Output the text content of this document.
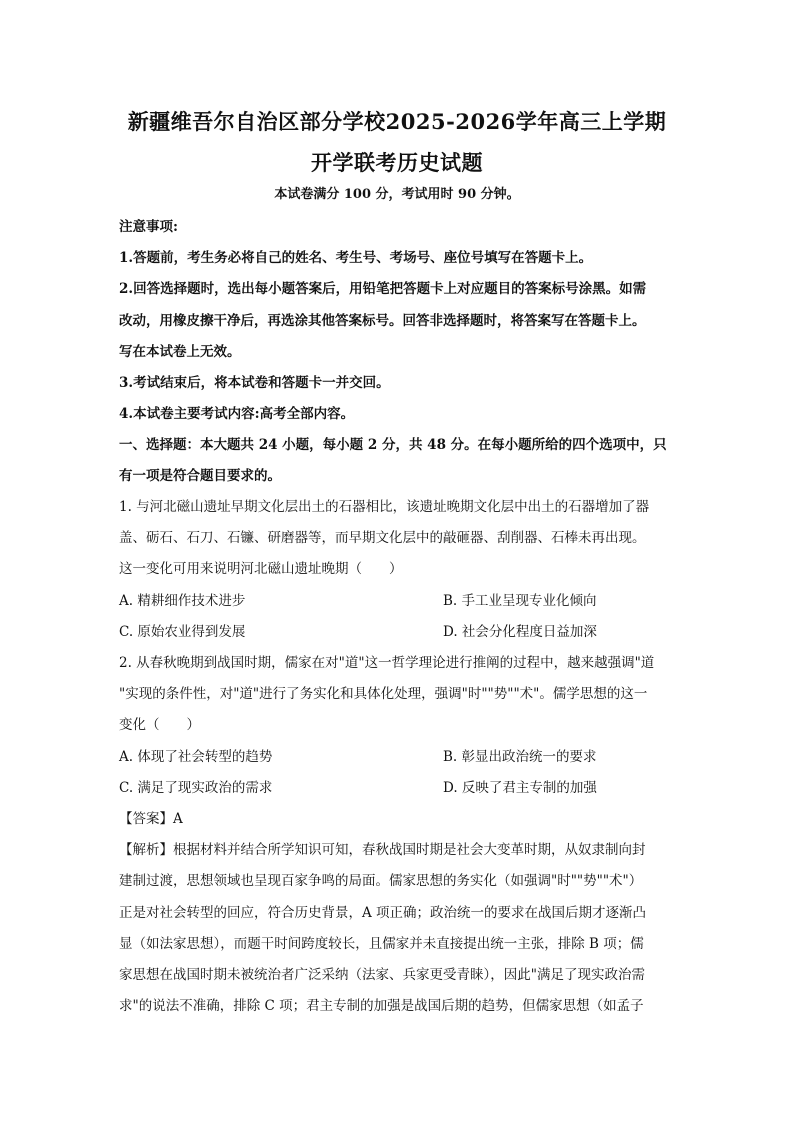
新疆维吾尔自治区部分学校2025-2026学年高三上学期
开学联考历史试题
本试卷满分 100 分，考试用时 90 分钟。
注意事项:
1.答题前，考生务必将自己的姓名、考生号、考场号、座位号填写在答题卡上。
2.回答选择题时，选出每小题答案后，用铅笔把答题卡上对应题目的答案标号涂黑。如需
改动，用橡皮擦干净后，再选涂其他答案标号。回答非选择题时，将答案写在答题卡上。
写在本试卷上无效。
3.考试结束后，将本试卷和答题卡一并交回。
4.本试卷主要考试内容:高考全部内容。
一、选择题：本大题共 24 小题，每小题 2 分，共 48 分。在每小题所给的四个选项中，只
有一项是符合题目要求的。
1. 与河北磁山遗址早期文化层出土的石器相比，该遗址晚期文化层中出土的石器增加了器
盖、砺石、石刀、石镰、研磨器等，而早期文化层中的敲砸器、刮削器、石棒未再出现。
这一变化可用来说明河北磁山遗址晚期（　　）
A. 精耕细作技术进步	B. 手工业呈现专业化倾向
C. 原始农业得到发展	D. 社会分化程度日益加深
2. 从春秋晚期到战国时期，儒家在对"道"这一哲学理论进行推阐的过程中，越来越强调"道
"实现的条件性，对"道"进行了务实化和具体化处理，强调"时""势""术"。儒学思想的这一
变化（　　）
A. 体现了社会转型的趋势	B. 彰显出政治统一的要求
C. 满足了现实政治的需求	D. 反映了君主专制的加强
【答案】A
【解析】根据材料并结合所学知识可知，春秋战国时期是社会大变革时期，从奴隶制向封
建制过渡，思想领域也呈现百家争鸣的局面。儒家思想的务实化（如强调"时""势""术"）
正是对社会转型的回应，符合历史背景，A 项正确；政治统一的要求在战国后期才逐渐凸
显（如法家思想），而题干时间跨度较长，且儒家并未直接提出统一主张，排除 B 项；儒
家思想在战国时期未被统治者广泛采纳（法家、兵家更受青睐），因此"满足了现实政治需
求"的说法不准确，排除 C 项；君主专制的加强是战国后期的趋势，但儒家思想（如孟子
